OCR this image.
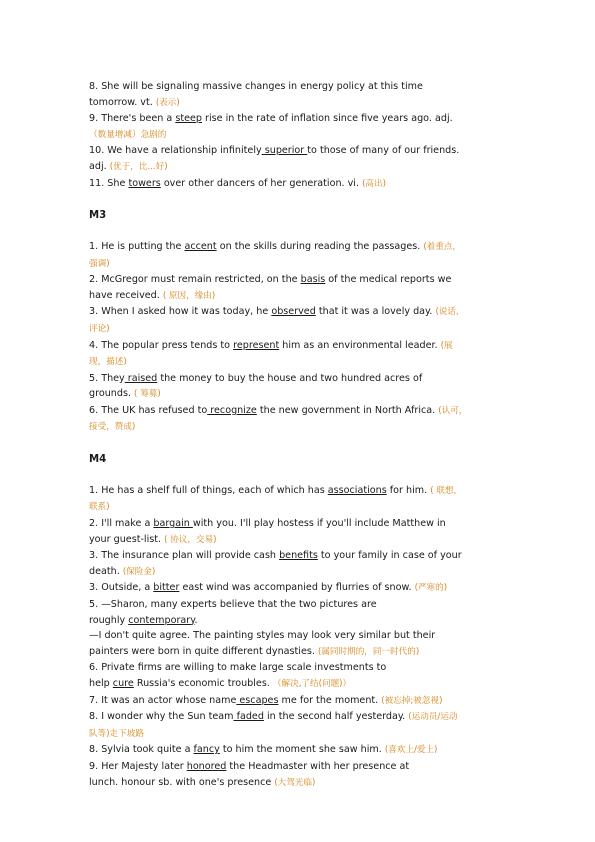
8. She will be signaling massive changes in energy policy at this time
tomorrow. vt. (表示)
9. There's been a steep rise in the rate of inflation since five years ago. adj.
（数量增减）急剧的
10. We have a relationship infinitely superior to those of many of our friends.
adj. (优于，比...好)
11. She towers over other dancers of her generation. vi. (高出)
M3
1. He is putting the accent on the skills during reading the passages. (着重点，
强调)
2. McGregor must remain restricted, on the basis of the medical reports we
have received. ( 原因，缘由)
3. When I asked how it was today, he observed that it was a lovely day. (说话，
评论)
4. The popular press tends to represent him as an environmental leader. (展
现，描述)
5. They raised the money to buy the house and two hundred acres of
grounds. ( 筹募)
6. The UK has refused to recognize the new government in North Africa. (认可，
接受，赞成)
M4
1. He has a shelf full of things, each of which has associations for him. ( 联想，
联系)
2. I'll make a bargain with you. I'll play hostess if you'll include Matthew in
your guest-list. ( 协议，交易)
3. The insurance plan will provide cash benefits to your family in case of your
death. (保险金)
3. Outside, a bitter east wind was accompanied by flurries of snow. (严寒的)
5. —Sharon, many experts believe that the two pictures are
roughly contemporary.
—I don't quite agree. The painting styles may look very similar but their
painters were born in quite different dynasties. (属同时期的，同一时代的)
6. Private firms are willing to make large scale investments to
help cure Russia's economic troubles. （解决,了结(问题)）
7. It was an actor whose name escapes me for the moment. (被忘掉;被忽视)
8. I wonder why the Sun team faded in the second half yesterday. (运动员/运动
队等)走下坡路
8. Sylvia took quite a fancy to him the moment she saw him. (喜欢上/爱上)
9. Her Majesty later honored the Headmaster with her presence at
lunch. honour sb. with one's presence (大驾光临)
